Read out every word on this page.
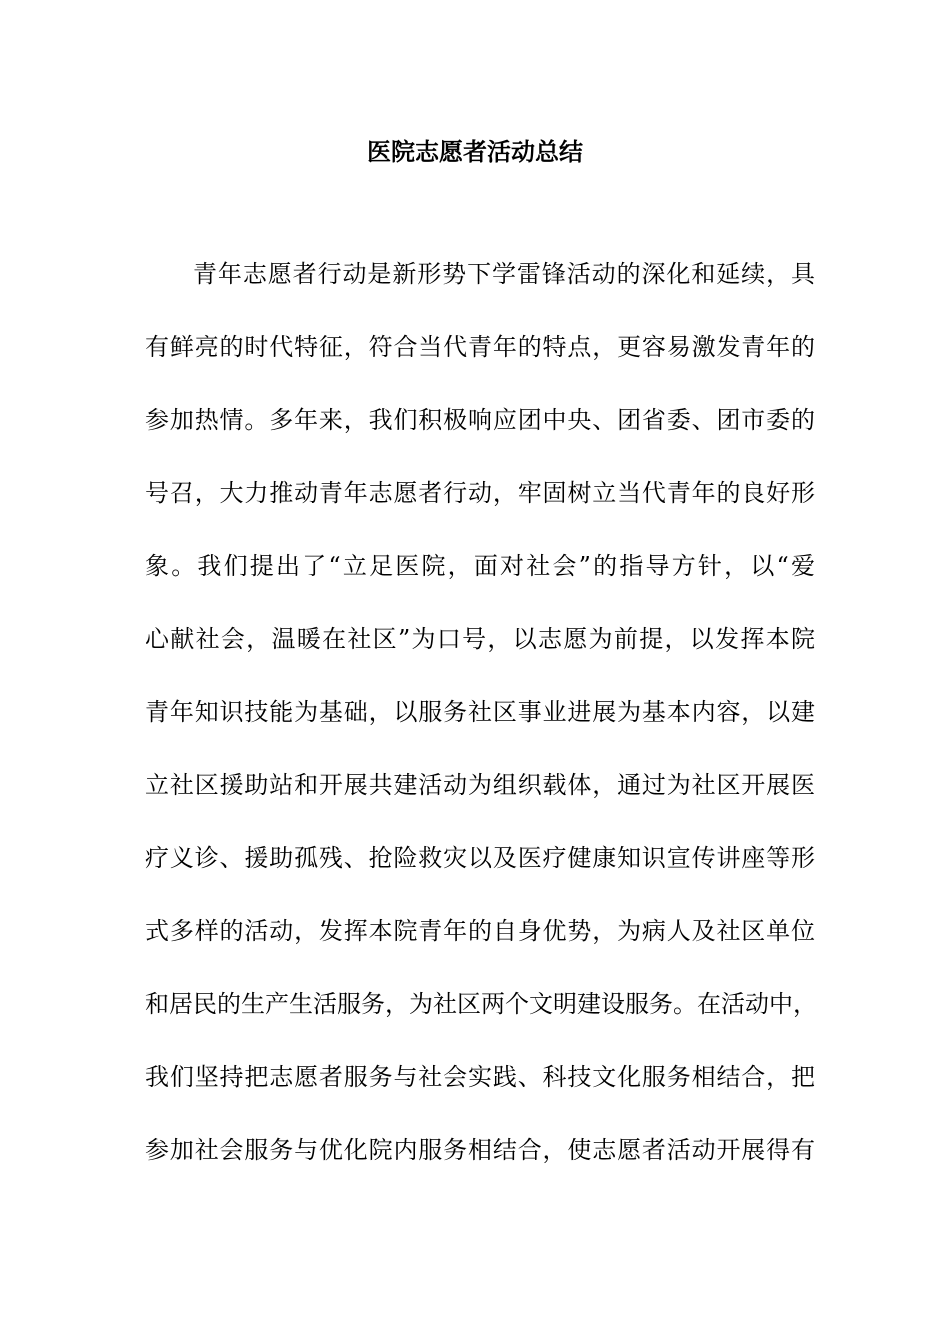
医院志愿者活动总结
青年志愿者行动是新形势下学雷锋活动的深化和延续，具
有鲜亮的时代特征，符合当代青年的特点，更容易激发青年的
参加热情。多年来，我们积极响应团中央、团省委、团市委的
号召，大力推动青年志愿者行动，牢固树立当代青年的良好形
象。我们提出了“立足医院，面对社会”的指导方针，以“爱
心献社会，温暖在社区”为口号，以志愿为前提，以发挥本院
青年知识技能为基础，以服务社区事业进展为基本内容，以建
立社区援助站和开展共建活动为组织载体，通过为社区开展医
疗义诊、援助孤残、抢险救灾以及医疗健康知识宣传讲座等形
式多样的活动，发挥本院青年的自身优势，为病人及社区单位
和居民的生产生活服务，为社区两个文明建设服务。在活动中，
我们坚持把志愿者服务与社会实践、科技文化服务相结合，把
参加社会服务与优化院内服务相结合，使志愿者活动开展得有
